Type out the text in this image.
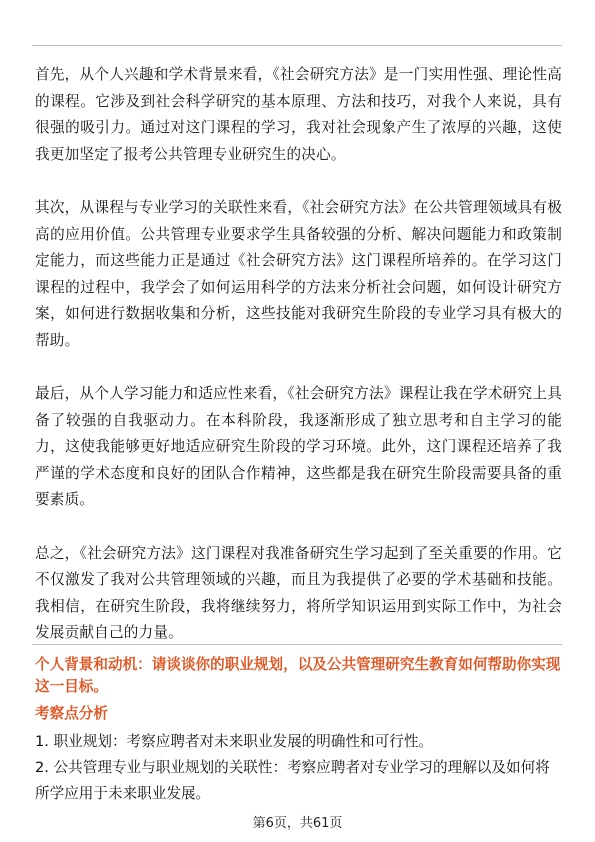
首先，从个人兴趣和学术背景来看，《社会研究方法》是一门实用性强、理论性高的课程。它涉及到社会科学研究的基本原理、方法和技巧，对我个人来说，具有很强的吸引力。通过对这门课程的学习，我对社会现象产生了浓厚的兴趣，这使我更加坚定了报考公共管理专业研究生的决心。

其次，从课程与专业学习的关联性来看，《社会研究方法》在公共管理领域具有极高的应用价值。公共管理专业要求学生具备较强的分析、解决问题能力和政策制定能力，而这些能力正是通过《社会研究方法》这门课程所培养的。在学习这门课程的过程中，我学会了如何运用科学的方法来分析社会问题，如何设计研究方案，如何进行数据收集和分析，这些技能对我研究生阶段的专业学习具有极大的帮助。

最后，从个人学习能力和适应性来看，《社会研究方法》课程让我在学术研究上具备了较强的自我驱动力。在本科阶段，我逐渐形成了独立思考和自主学习的能力，这使我能够更好地适应研究生阶段的学习环境。此外，这门课程还培养了我严谨的学术态度和良好的团队合作精神，这些都是我在研究生阶段需要具备的重要素质。

总之，《社会研究方法》这门课程对我准备研究生学习起到了至关重要的作用。它不仅激发了我对公共管理领域的兴趣，而且为我提供了必要的学术基础和技能。我相信，在研究生阶段，我将继续努力，将所学知识运用到实际工作中，为社会发展贡献自己的力量。

个人背景和动机：请谈谈你的职业规划，以及公共管理研究生教育如何帮助你实现这一目标。

考察点分析

1. 职业规划：考察应聘者对未来职业发展的明确性和可行性。
2. 公共管理专业与职业规划的关联性：考察应聘者对专业学习的理解以及如何将所学应用于未来职业发展。
第6页，共61页
